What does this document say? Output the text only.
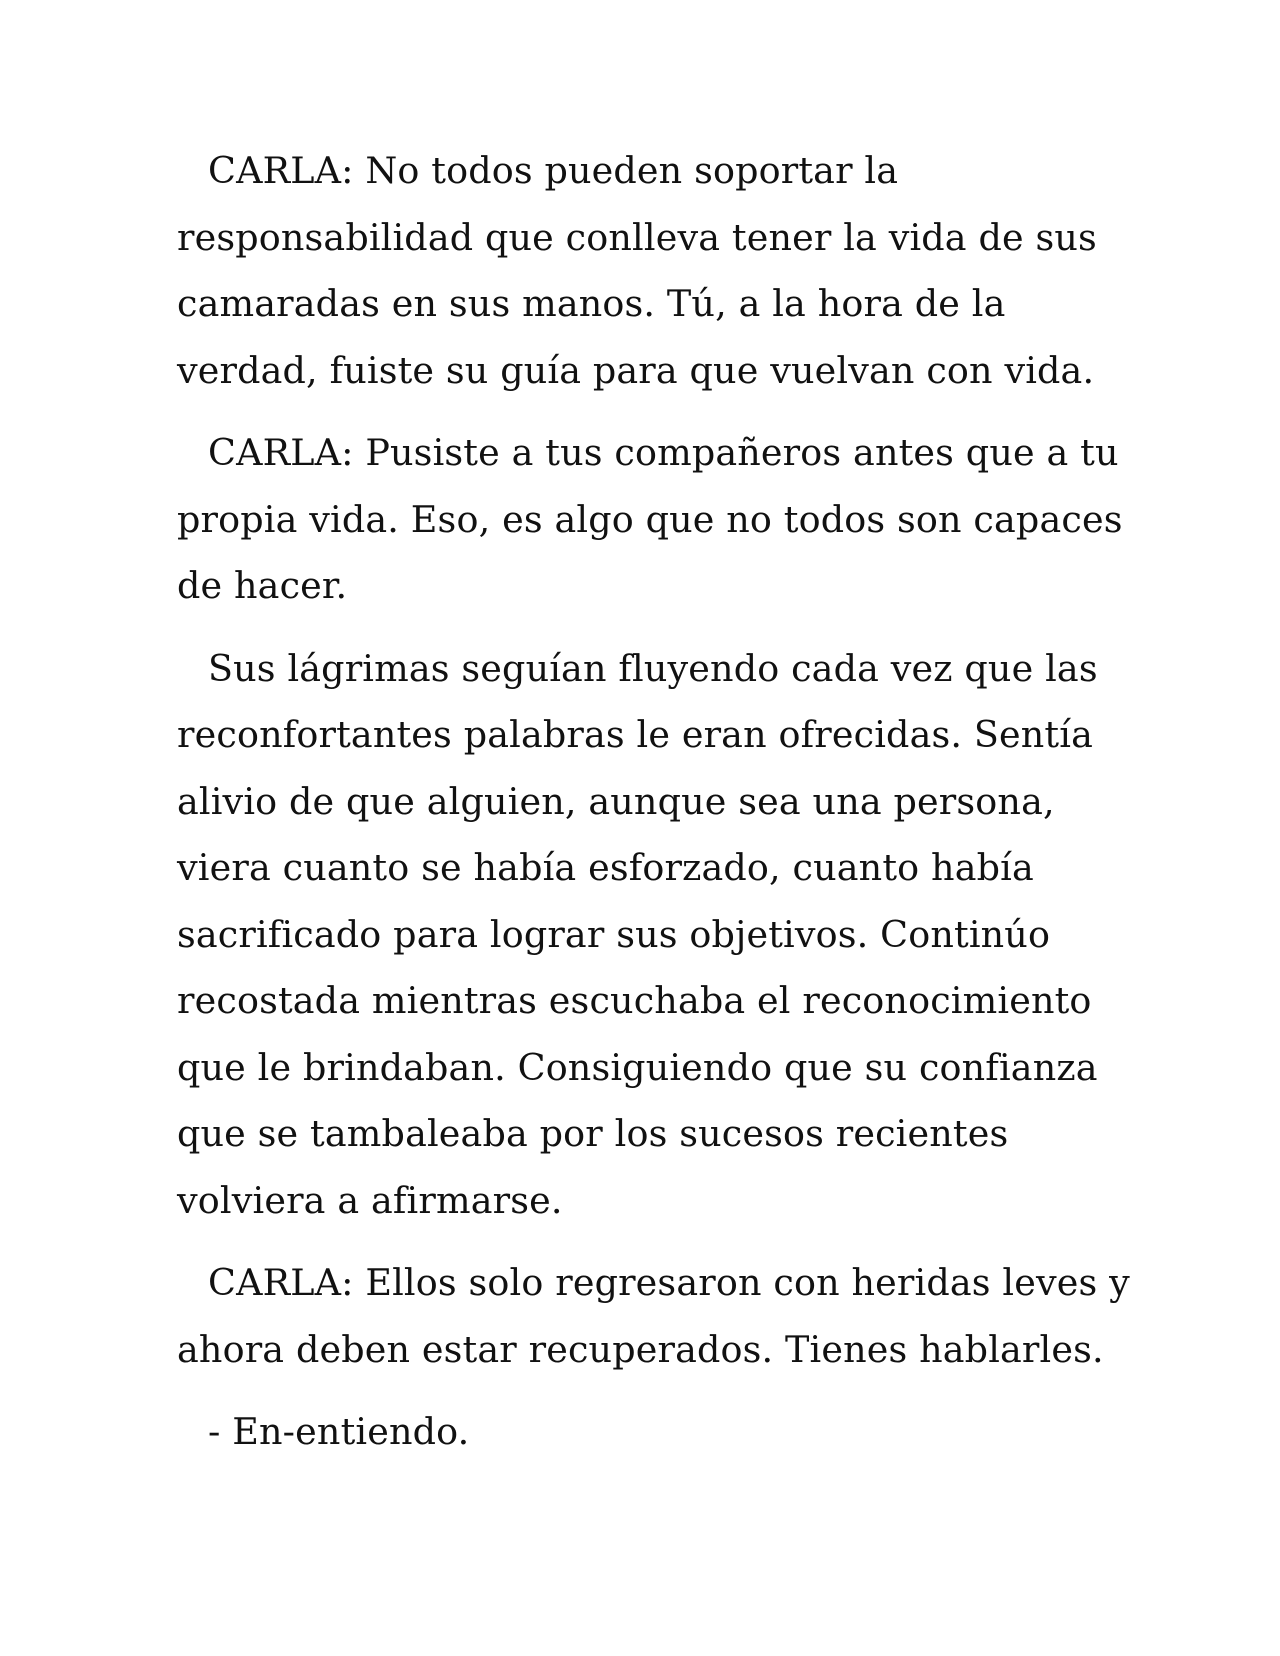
CARLA: No todos pueden soportar la
responsabilidad que conlleva tener la vida de sus
camaradas en sus manos. Tú, a la hora de la
verdad, fuiste su guía para que vuelvan con vida.

CARLA: Pusiste a tus compañeros antes que a tu
propia vida. Eso, es algo que no todos son capaces
de hacer.

Sus lágrimas seguían fluyendo cada vez que las
reconfortantes palabras le eran ofrecidas. Sentía
alivio de que alguien, aunque sea una persona,
viera cuanto se había esforzado, cuanto había
sacrificado para lograr sus objetivos. Continúo
recostada mientras escuchaba el reconocimiento
que le brindaban. Consiguiendo que su confianza
que se tambaleaba por los sucesos recientes
volviera a afirmarse.

CARLA: Ellos solo regresaron con heridas leves y
ahora deben estar recuperados. Tienes hablarles.

- En-entiendo.
